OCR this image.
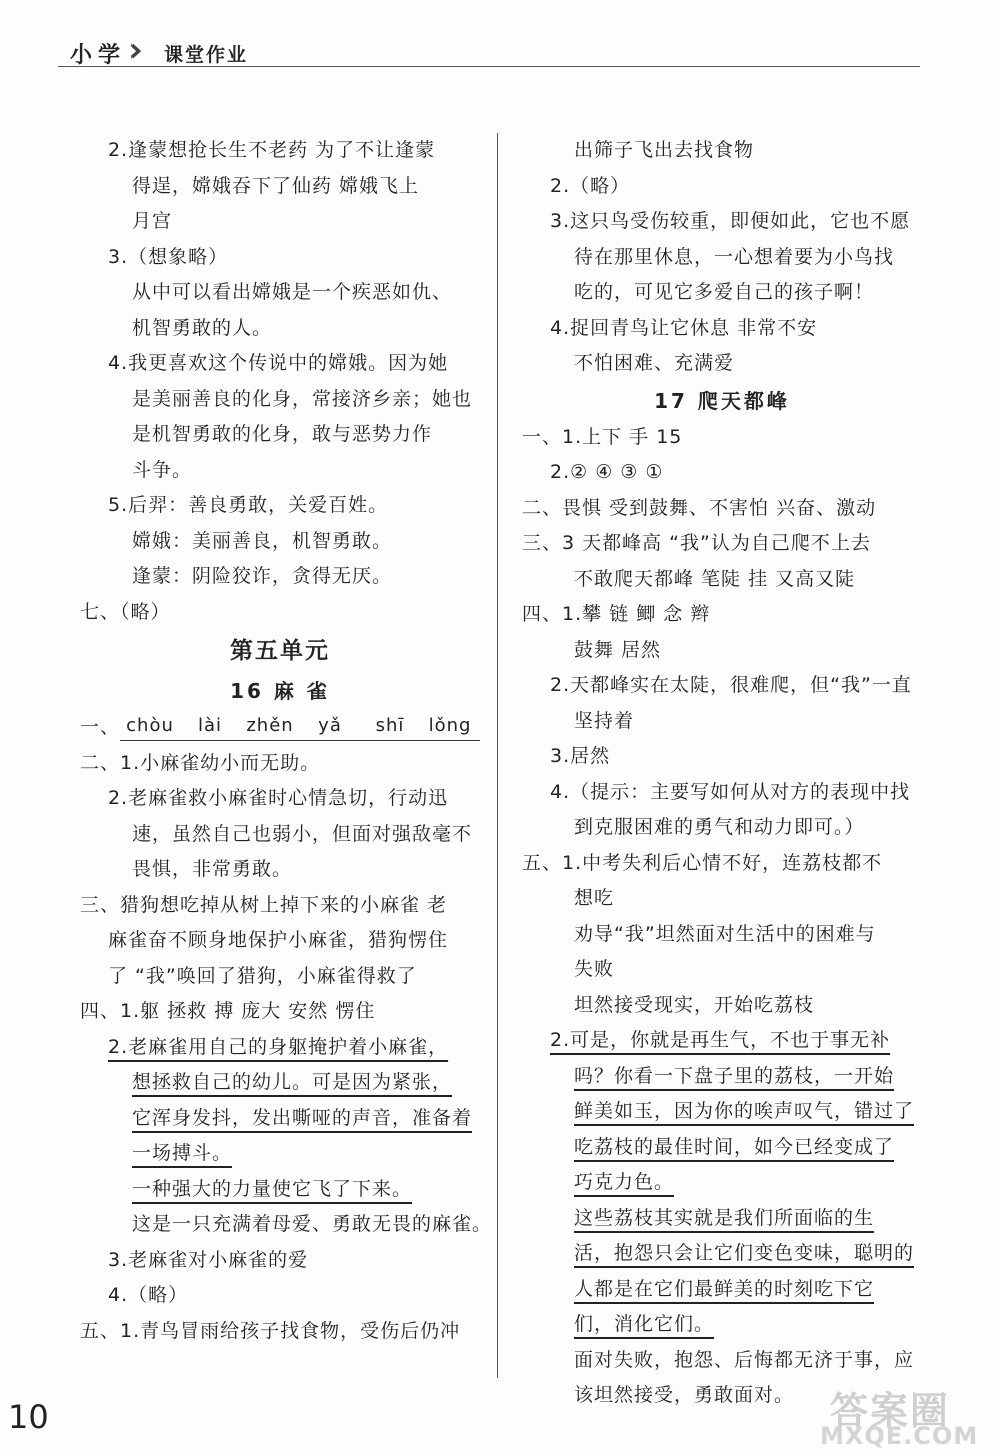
小学 ›› 课堂作业
2.逢蒙想抢长生不老药 为了不让逢蒙
得逞，嫦娥吞下了仙药 嫦娥飞上
月宫
3.（想象略）
从中可以看出嫦娥是一个疾恶如仇、
机智勇敢的人。
4.我更喜欢这个传说中的嫦娥。因为她
是美丽善良的化身，常接济乡亲；她也
是机智勇敢的化身，敢与恶势力作
斗争。
5.后羿：善良勇敢，关爱百姓。
嫦娥：美丽善良，机智勇敢。
逢蒙：阴险狡诈，贪得无厌。
七、（略）
第五单元
16 麻 雀
一、 chòu	lài	zhěn	yǎ	shī	lǒng
二、1.小麻雀幼小而无助。
2.老麻雀救小麻雀时心情急切，行动迅
速，虽然自己也弱小，但面对强敌毫不
畏惧，非常勇敢。
三、猎狗想吃掉从树上掉下来的小麻雀 老
麻雀奋不顾身地保护小麻雀，猎狗愣住
了 “我”唤回了猎狗，小麻雀得救了
四、1.躯 拯救 搏 庞大 安然 愣住
2.老麻雀用自己的身躯掩护着小麻雀，
想拯救自己的幼儿。可是因为紧张，
它浑身发抖，发出嘶哑的声音，准备着
一场搏斗。
一种强大的力量使它飞了下来。
这是一只充满着母爱、勇敢无畏的麻雀。
3.老麻雀对小麻雀的爱
4.（略）
五、1.青鸟冒雨给孩子找食物，受伤后仍冲
出筛子飞出去找食物
2.（略）
3.这只鸟受伤较重，即便如此，它也不愿
待在那里休息，一心想着要为小鸟找
吃的，可见它多爱自己的孩子啊！
4.捉回青鸟让它休息 非常不安
不怕困难、充满爱
17 爬天都峰
一、1.上下 手 15
2.② ④ ③ ①
二、畏惧 受到鼓舞、不害怕 兴奋、激动
三、3 天都峰高 “我”认为自己爬不上去
不敢爬天都峰 笔陡 挂 又高又陡
四、1.攀 链 鲫 念 辫
鼓舞 居然
2.天都峰实在太陡，很难爬，但“我”一直
坚持着
3.居然
4.（提示：主要写如何从对方的表现中找
到克服困难的勇气和动力即可。）
五、1.中考失利后心情不好，连荔枝都不
想吃
劝导“我”坦然面对生活中的困难与
失败
坦然接受现实，开始吃荔枝
2.可是，你就是再生气，不也于事无补
吗？你看一下盘子里的荔枝，一开始
鲜美如玉，因为你的唉声叹气，错过了
吃荔枝的最佳时间，如今已经变成了
巧克力色。
这些荔枝其实就是我们所面临的生
活，抱怨只会让它们变色变味，聪明的
人都是在它们最鲜美的时刻吃下它
们，消化它们。
面对失败，抱怨、后悔都无济于事，应
该坦然接受，勇敢面对。
10	答案圈
MXQE.COM
